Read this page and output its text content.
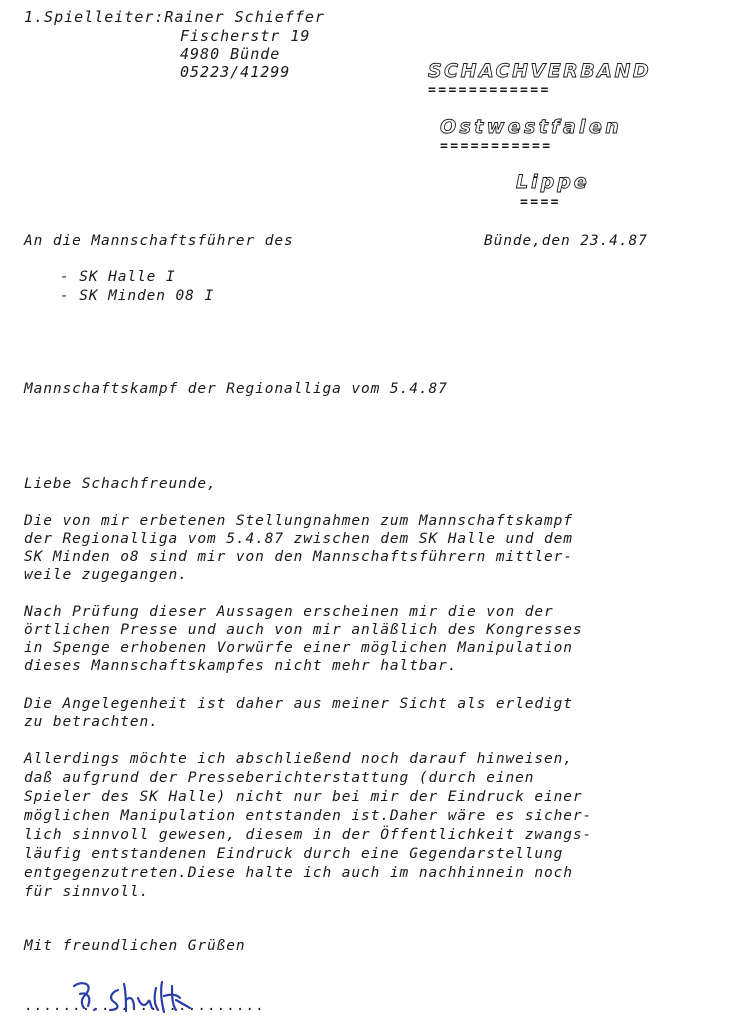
1.Spielleiter:Rainer Schieffer
Fischerstr 19
4980 Bünde
05223/41299	SCHACHVERBAND
============
Ostwestfalen
===========
Lippe
====
An die Mannschaftsführer des	Bünde,den 23.4.87
- SK Halle I
- SK Minden 08 I
Mannschaftskampf der Regionalliga vom 5.4.87
Liebe Schachfreunde,
Die von mir erbetenen Stellungnahmen zum Mannschaftskampf
der Regionalliga vom 5.4.87 zwischen dem SK Halle und dem
SK Minden o8 sind mir von den Mannschaftsführern mittler-
weile zugegangen.
Nach Prüfung dieser Aussagen erscheinen mir die von der
örtlichen Presse und auch von mir anläßlich des Kongresses
in Spenge erhobenen Vorwürfe einer möglichen Manipulation
dieses Mannschaftskampfes nicht mehr haltbar.
Die Angelegenheit ist daher aus meiner Sicht als erledigt
zu betrachten.
Allerdings möchte ich abschließend noch darauf hinweisen,
daß aufgrund der Presseberichterstattung (durch einen
Spieler des SK Halle) nicht nur bei mir der Eindruck einer
möglichen Manipulation entstanden ist.Daher wäre es sicher-
lich sinnvoll gewesen, diesem in der Öffentlichkeit zwangs-
läufig entstandenen Eindruck durch eine Gegendarstellung
entgegenzutreten.Diese halte ich auch im nachhinnein noch
für sinnvoll.
Mit freundlichen Grüßen
.........................
